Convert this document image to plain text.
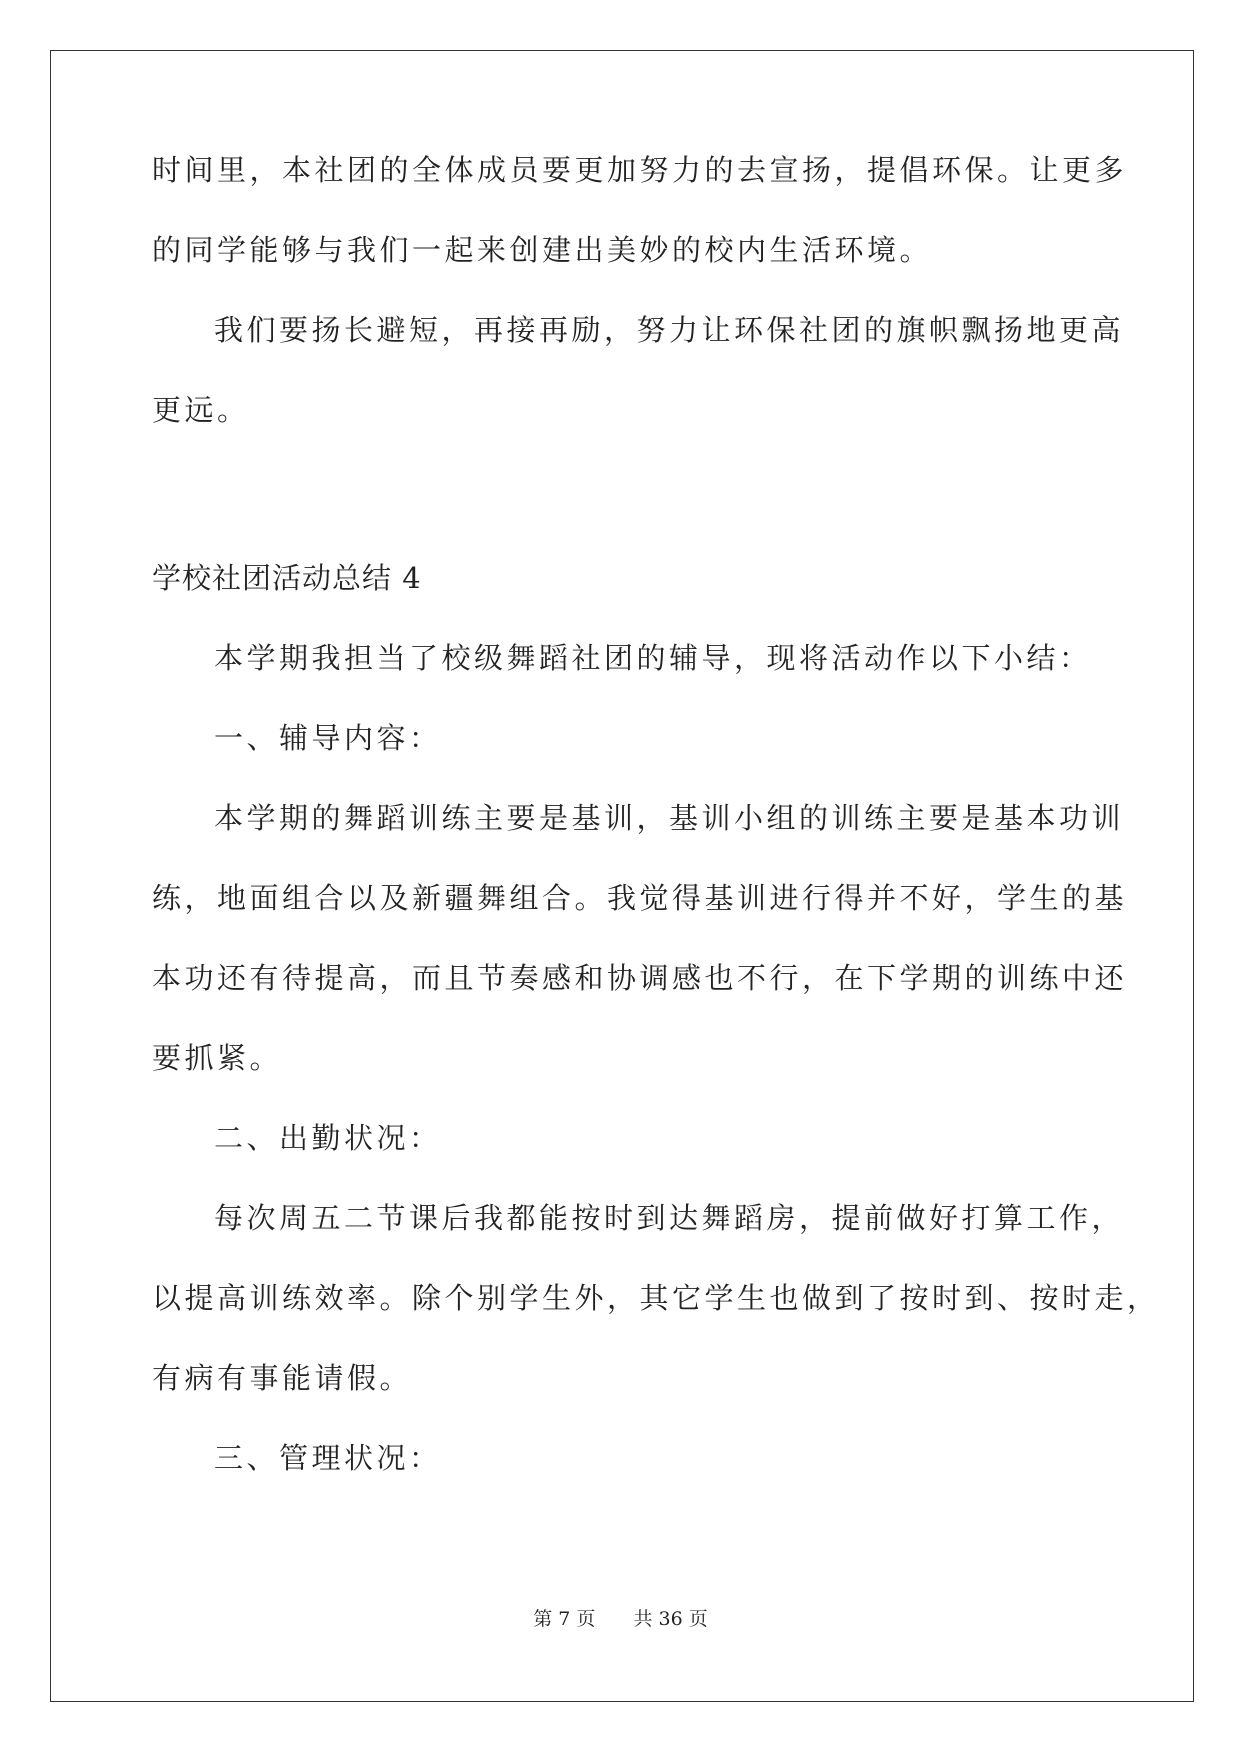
时间里，本社团的全体成员要更加努力的去宣扬，提倡环保。让更多
的同学能够与我们一起来创建出美妙的校内生活环境。
我们要扬长避短，再接再励，努力让环保社团的旗帜飘扬地更高
更远。
学校社团活动总结 4
本学期我担当了校级舞蹈社团的辅导，现将活动作以下小结：
一、辅导内容：
本学期的舞蹈训练主要是基训，基训小组的训练主要是基本功训
练，地面组合以及新疆舞组合。我觉得基训进行得并不好，学生的基
本功还有待提高，而且节奏感和协调感也不行，在下学期的训练中还
要抓紧。
二、出勤状况：
每次周五二节课后我都能按时到达舞蹈房，提前做好打算工作，
以提高训练效率。除个别学生外，其它学生也做到了按时到、按时走，
有病有事能请假。
三、管理状况：
第 7 页 共 36 页
